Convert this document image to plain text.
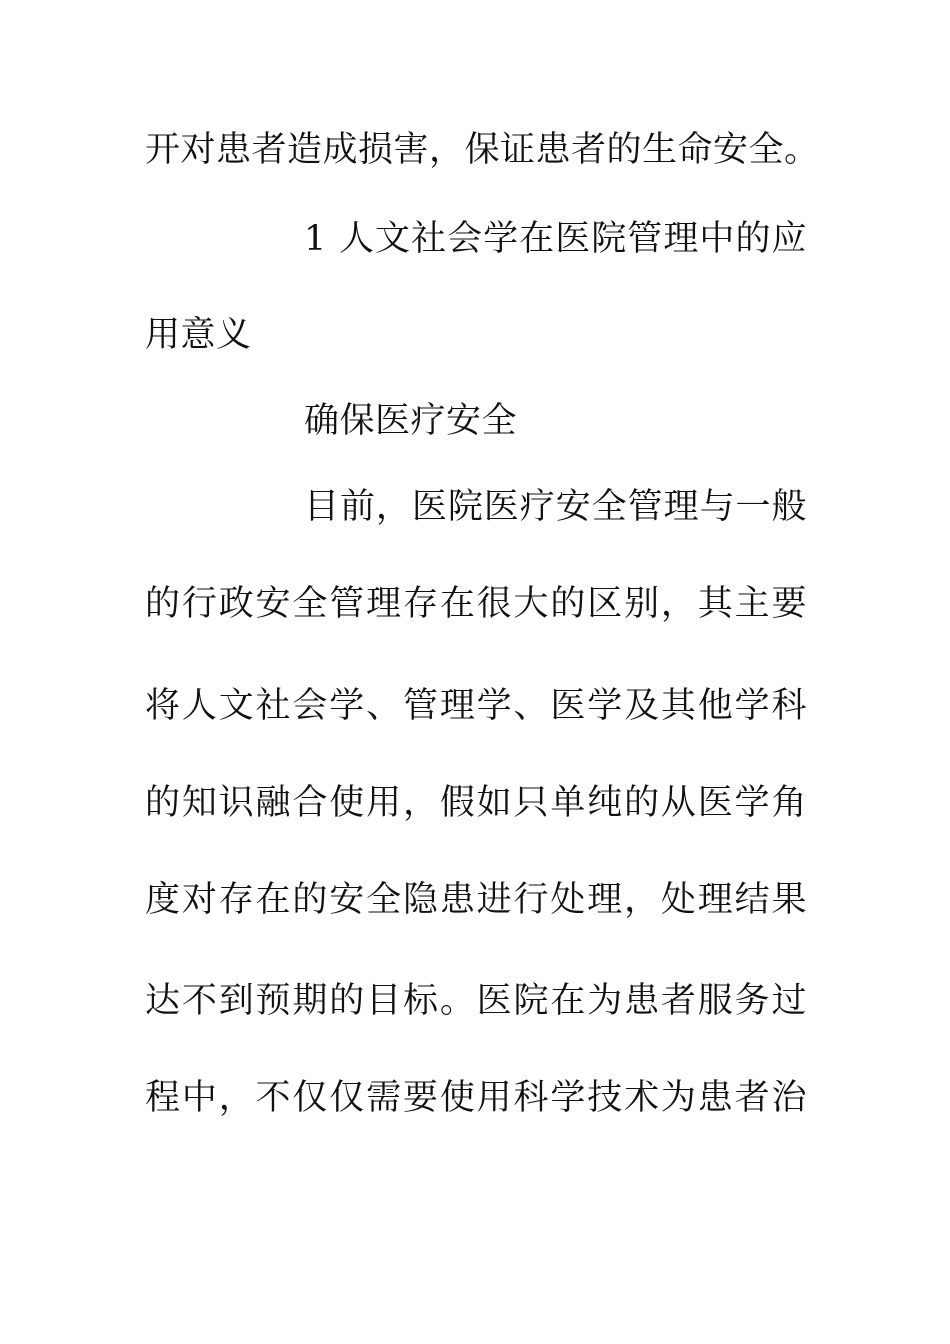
开对患者造成损害，保证患者的生命安全。
1 人文社会学在医院管理中的应
用意义
确保医疗安全
目前，医院医疗安全管理与一般
的行政安全管理存在很大的区别，其主要
将人文社会学、管理学、医学及其他学科
的知识融合使用，假如只单纯的从医学角
度对存在的安全隐患进行处理，处理结果
达不到预期的目标。医院在为患者服务过
程中，不仅仅需要使用科学技术为患者治
